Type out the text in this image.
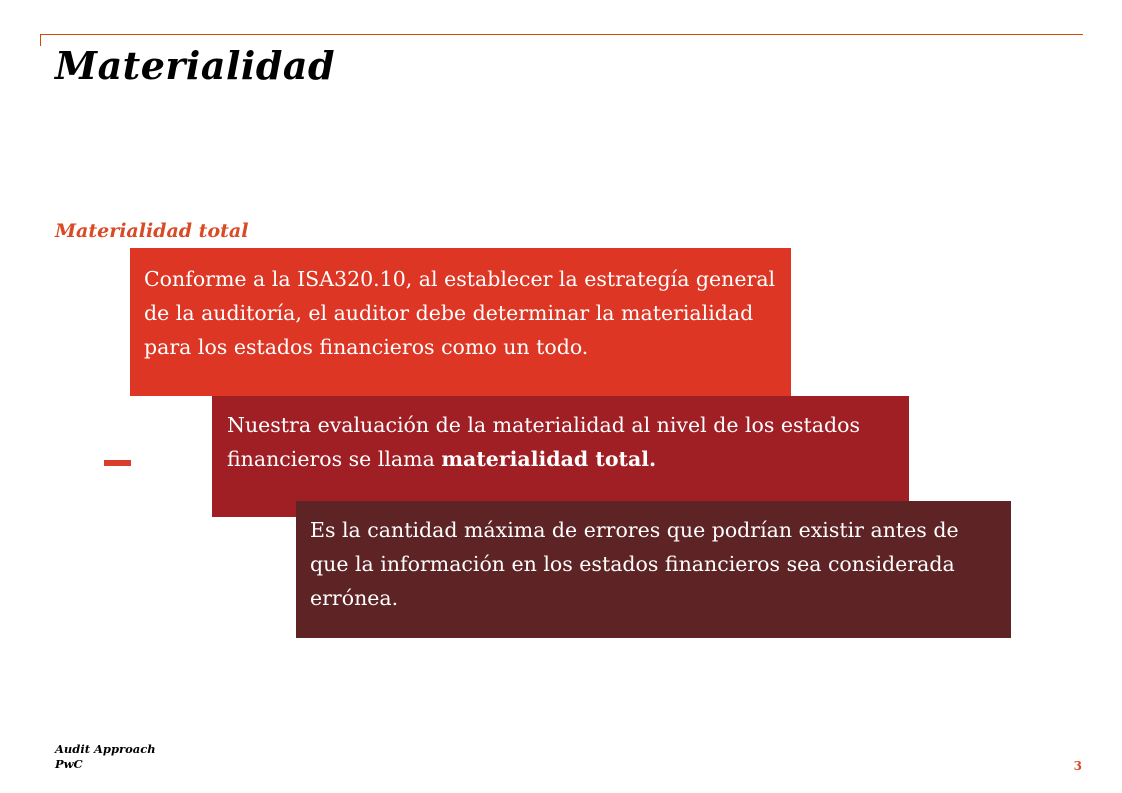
Materialidad
Materialidad total

Conforme a la ISA320.10, al establecer la estrategía general de la auditoría, el auditor debe determinar la materialidad para los estados financieros como un todo.

Nuestra evaluación de la materialidad al nivel de los estados financieros se llama materialidad total.

Es la cantidad máxima de errores que podrían existir antes de que la información en los estados financieros sea considerada errónea.

Audit Approach
PwC	3
